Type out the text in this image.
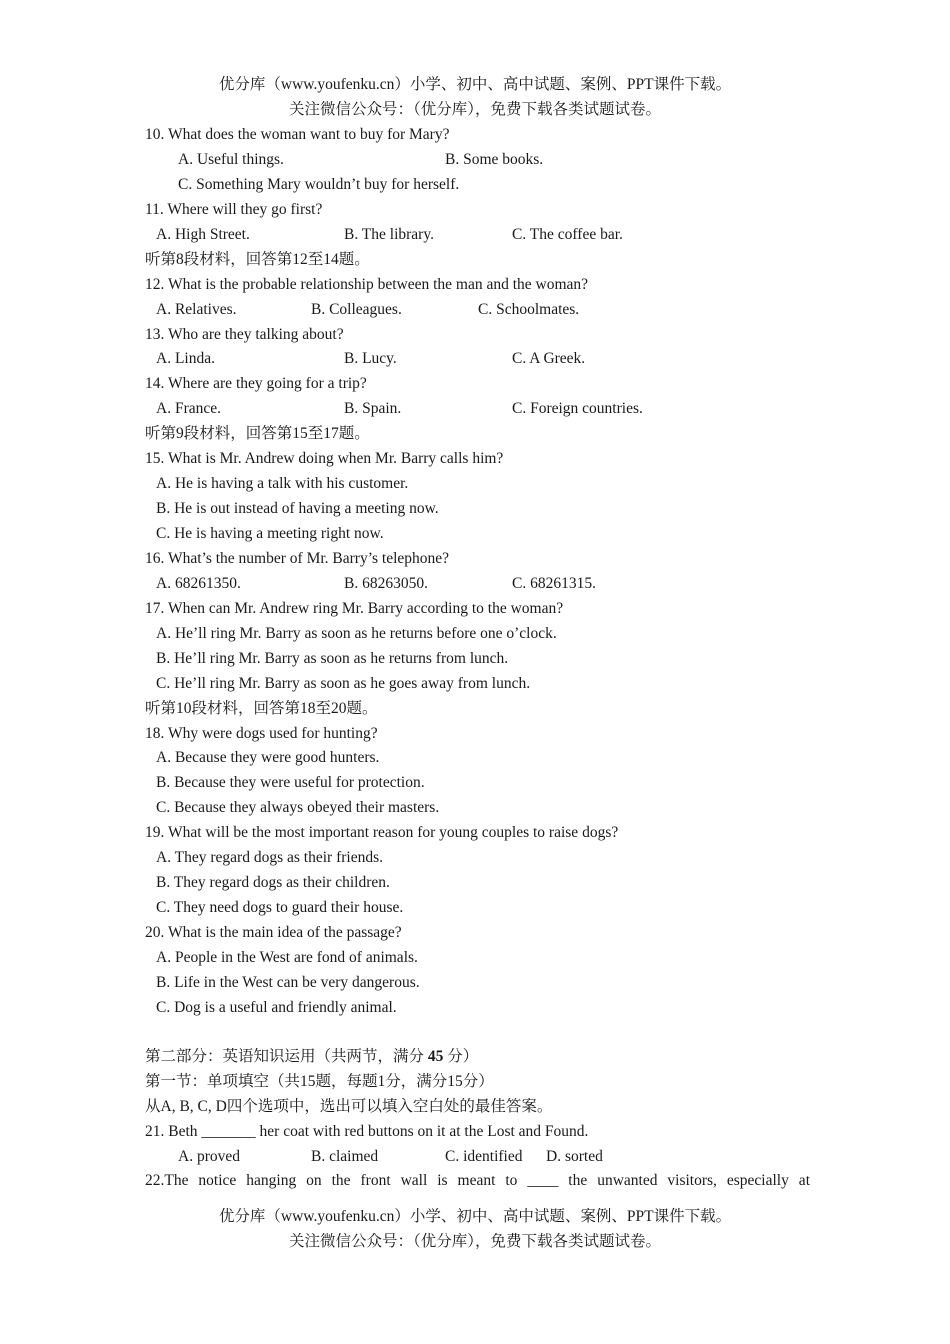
优分库（www.youfenku.cn）小学、初中、高中试题、案例、PPT课件下载。
关注微信公众号：（优分库），免费下载各类试题试卷。
10. What does the woman want to buy for Mary?
A. Useful things.	B. Some books.
C. Something Mary wouldn’t buy for herself.
11. Where will they go first?
A. High Street.	B. The library.	C. The coffee bar.
听第8段材料，回答第12至14题。
12. What is the probable relationship between the man and the woman?
A. Relatives.	B. Colleagues.	C. Schoolmates.
13. Who are they talking about?
A. Linda.	B. Lucy.	C. A Greek.
14. Where are they going for a trip?
A. France.	B. Spain.	C. Foreign countries.
听第9段材料，回答第15至17题。
15. What is Mr. Andrew doing when Mr. Barry calls him?
A. He is having a talk with his customer.
B. He is out instead of having a meeting now.
C. He is having a meeting right now.
16. What’s the number of Mr. Barry’s telephone?
A. 68261350.	B. 68263050.	C. 68261315.
17. When can Mr. Andrew ring Mr. Barry according to the woman?
A. He’ll ring Mr. Barry as soon as he returns before one o’clock.
B. He’ll ring Mr. Barry as soon as he returns from lunch.
C. He’ll ring Mr. Barry as soon as he goes away from lunch.
听第10段材料，回答第18至20题。
18. Why were dogs used for hunting?
A. Because they were good hunters.
B. Because they were useful for protection.
C. Because they always obeyed their masters.
19. What will be the most important reason for young couples to raise dogs?
A. They regard dogs as their friends.
B. They regard dogs as their children.
C. They need dogs to guard their house.
20. What is the main idea of the passage?
A. People in the West are fond of animals.
B. Life in the West can be very dangerous.
C. Dog is a useful and friendly animal.
第二部分：英语知识运用（共两节，满分 45 分）
第一节：单项填空（共15题，每题1分，满分15分）
从A, B, C, D四个选项中，选出可以填入空白处的最佳答案。
21. Beth _______ her coat with red buttons on it at the Lost and Found.
A. proved	B. claimed	C. identified D. sorted
22.The notice hanging on the front wall is meant to ____ the unwanted visitors, especially at
优分库（www.youfenku.cn）小学、初中、高中试题、案例、PPT课件下载。
关注微信公众号：（优分库），免费下载各类试题试卷。
